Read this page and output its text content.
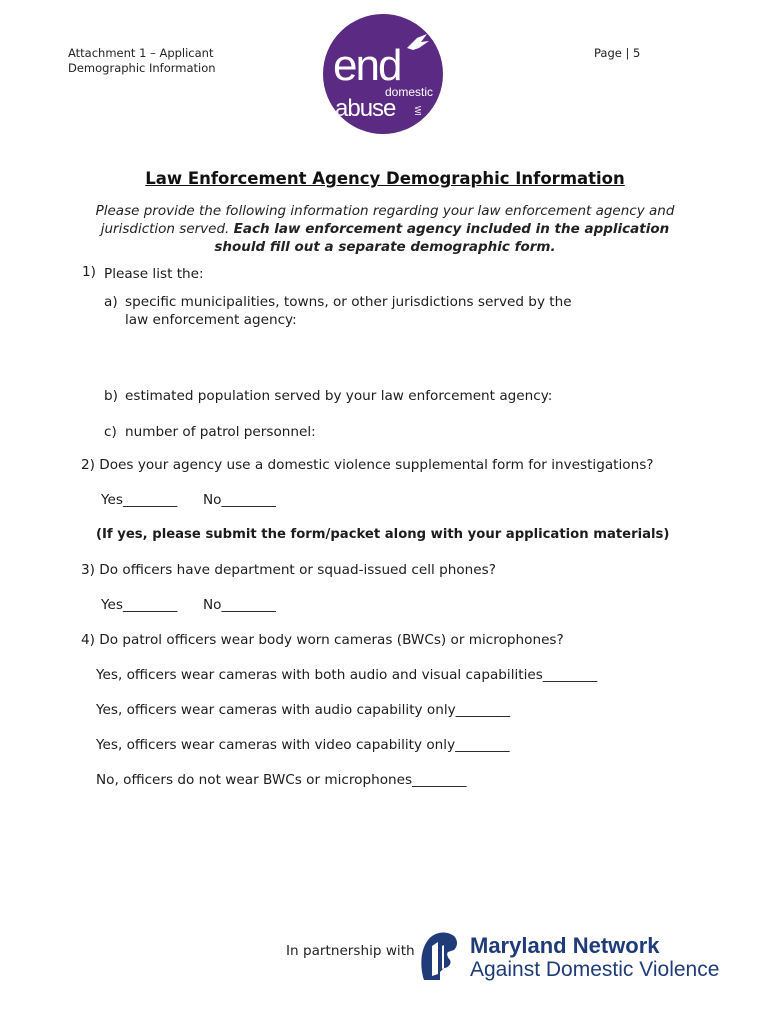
Attachment 1 – Applicant
Demographic Information
Page | 5
end
domestic
abuse WI
Law Enforcement Agency Demographic Information
Please provide the following information regarding your law enforcement agency and jurisdiction served. Each law enforcement agency included in the application should fill out a separate demographic form.
1) Please list the:
a) specific municipalities, towns, or other jurisdictions served by the law enforcement agency:
b) estimated population served by your law enforcement agency:
c) number of patrol personnel:
2) Does your agency use a domestic violence supplemental form for investigations?
Yes________ No________
(If yes, please submit the form/packet along with your application materials)
3) Do officers have department or squad-issued cell phones?
Yes________ No________
4) Do patrol officers wear body worn cameras (BWCs) or microphones?
Yes, officers wear cameras with both audio and visual capabilities________
Yes, officers wear cameras with audio capability only________
Yes, officers wear cameras with video capability only________
No, officers do not wear BWCs or microphones________
In partnership with	Maryland Network
Against Domestic Violence
